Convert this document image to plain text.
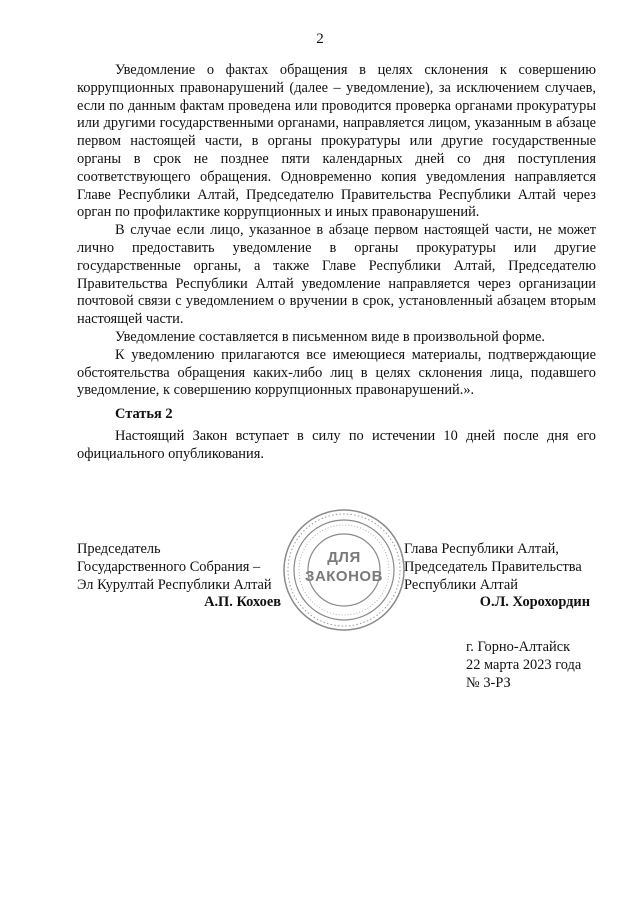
2

Уведомление о фактах обращения в целях склонения к совершению коррупционных правонарушений (далее – уведомление), за исключением случаев, если по данным фактам проведена или проводится проверка органами прокуратуры или другими государственными органами, направляется лицом, указанным в абзаце первом настоящей части, в органы прокуратуры или другие государственные органы в срок не позднее пяти календарных дней со дня поступления соответствующего обращения. Одновременно копия уведомления направляется Главе Республики Алтай, Председателю Правительства Республики Алтай через орган по профилактике коррупционных и иных правонарушений.

В случае если лицо, указанное в абзаце первом настоящей части, не может лично предоставить уведомление в органы прокуратуры или другие государственные органы, а также Главе Республики Алтай, Председателю Правительства Республики Алтай уведомление направляется через организации почтовой связи с уведомлением о вручении в срок, установленный абзацем вторым настоящей части.

Уведомление составляется в письменном виде в произвольной форме.

К уведомлению прилагаются все имеющиеся материалы, подтверждающие обстоятельства обращения каких-либо лиц в целях склонения лица, подавшего уведомление, к совершению коррупционных правонарушений.».

Статья 2

Настоящий Закон вступает в силу по истечении 10 дней после дня его официального опубликования.

Председатель
Государственного Собрания –
Эл Курултай Республики Алтай
А.П. Кохоев
ДЛЯ
ЗАКОНОВ
Глава Республики Алтай,
Председатель Правительства
Республики Алтай
О.Л. Хорохордин
г. Горно-Алтайск
22 марта 2023 года
№ 3-РЗ
